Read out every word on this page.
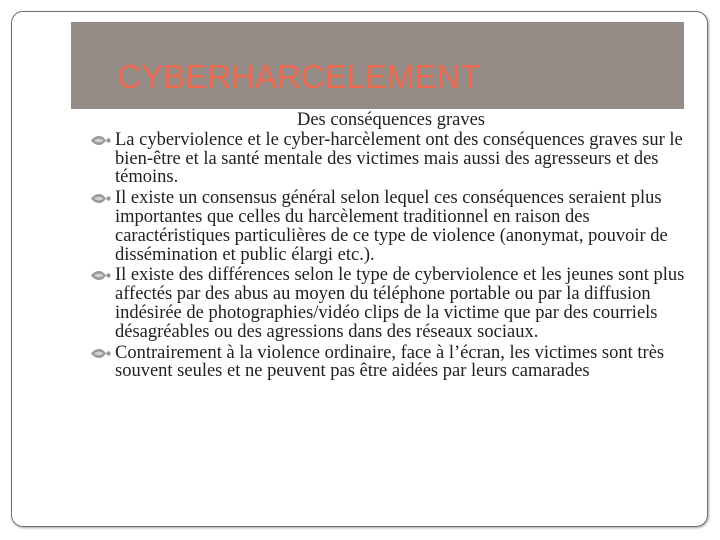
CYBERHARCELEMENT
Des conséquences graves
La cyberviolence et le cyber-harcèlement ont des conséquences graves sur le bien-être et la santé mentale des victimes mais aussi des agresseurs et des témoins.
Il existe un consensus général selon lequel ces conséquences seraient plus importantes que celles du harcèlement traditionnel en raison des caractéristiques particulières de ce type de violence (anonymat, pouvoir de dissémination et public élargi etc.).
Il existe des différences selon le type de cyberviolence et les jeunes sont plus affectés par des abus au moyen du téléphone portable ou par la diffusion indésirée de photographies/vidéo clips de la victime que par des courriels désagréables ou des agressions dans des réseaux sociaux.
Contrairement à la violence ordinaire, face à l’écran, les victimes sont très souvent seules et ne peuvent pas être aidées par leurs camarades
